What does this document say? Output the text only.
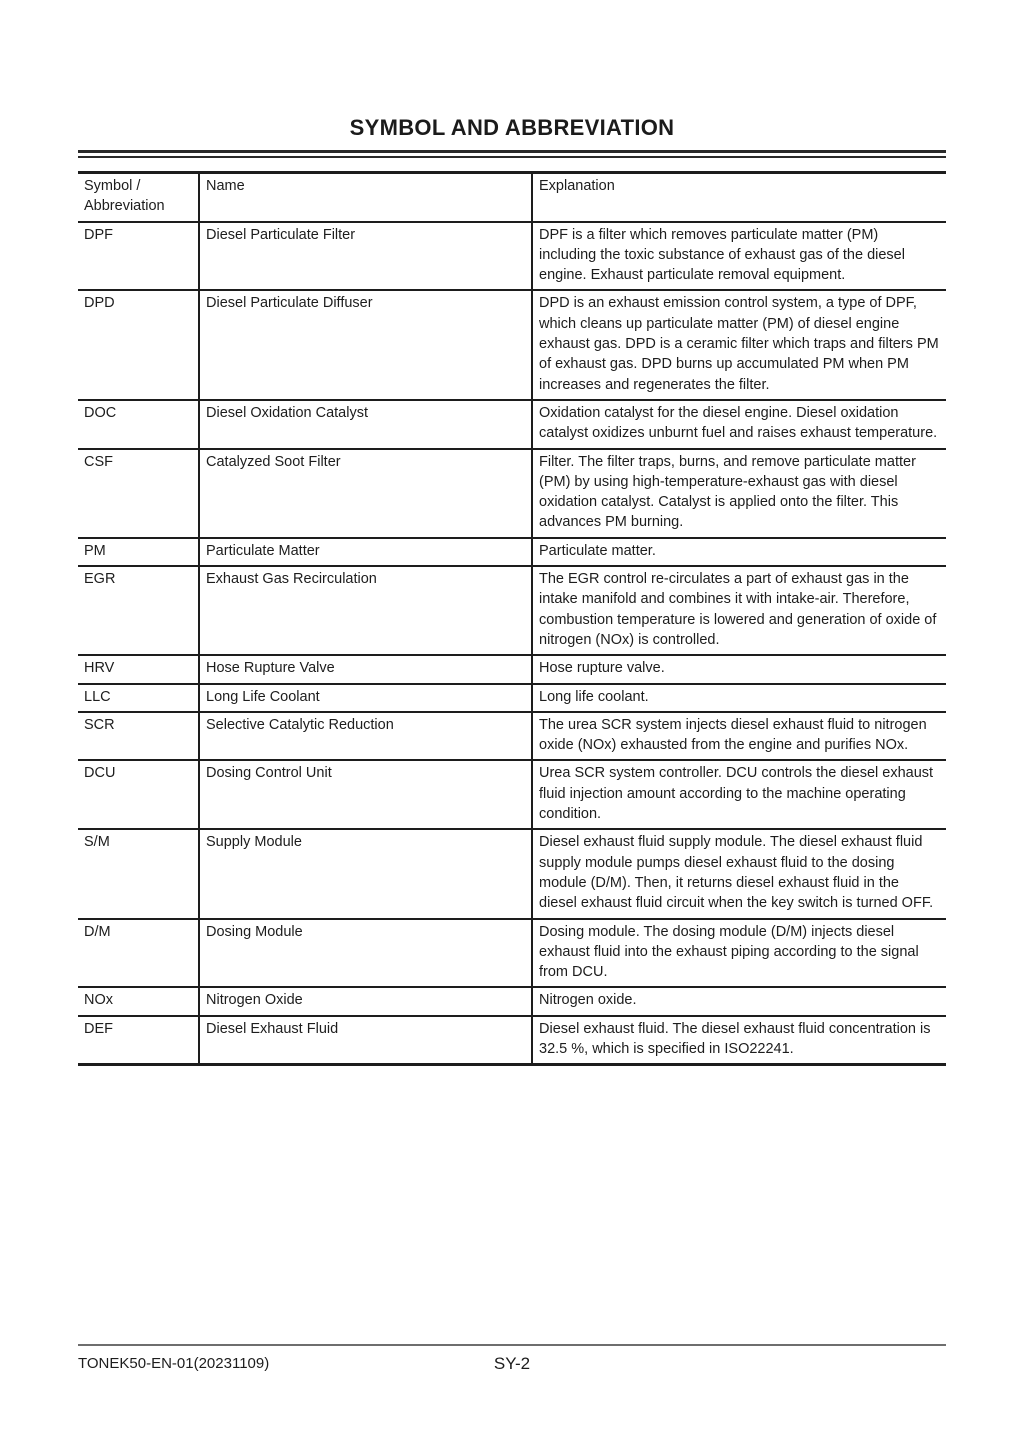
SYMBOL AND ABBREVIATION
Symbol / Abbreviation	Name	Explanation
DPF	Diesel Particulate Filter	DPF is a filter which removes particulate matter (PM) including the toxic substance of exhaust gas of the diesel engine. Exhaust particulate removal equipment.
DPD	Diesel Particulate Diffuser	DPD is an exhaust emission control system, a type of DPF, which cleans up particulate matter (PM) of diesel engine exhaust gas. DPD is a ceramic filter which traps and filters PM of exhaust gas. DPD burns up accumulated PM when PM increases and regenerates the filter.
DOC	Diesel Oxidation Catalyst	Oxidation catalyst for the diesel engine. Diesel oxidation catalyst oxidizes unburnt fuel and raises exhaust temperature.
CSF	Catalyzed Soot Filter	Filter. The filter traps, burns, and remove particulate matter (PM) by using high-temperature-exhaust gas with diesel oxidation catalyst. Catalyst is applied onto the filter. This advances PM burning.
PM	Particulate Matter	Particulate matter.
EGR	Exhaust Gas Recirculation	The EGR control re-circulates a part of exhaust gas in the intake manifold and combines it with intake-air. Therefore, combustion temperature is lowered and generation of oxide of nitrogen (NOx) is controlled.
HRV	Hose Rupture Valve	Hose rupture valve.
LLC	Long Life Coolant	Long life coolant.
SCR	Selective Catalytic Reduction	The urea SCR system injects diesel exhaust fluid to nitrogen oxide (NOx) exhausted from the engine and purifies NOx.
DCU	Dosing Control Unit	Urea SCR system controller. DCU controls the diesel exhaust fluid injection amount according to the machine operating condition.
S/M	Supply Module	Diesel exhaust fluid supply module. The diesel exhaust fluid supply module pumps diesel exhaust fluid to the dosing module (D/M). Then, it returns diesel exhaust fluid in the diesel exhaust fluid circuit when the key switch is turned OFF.
D/M	Dosing Module	Dosing module. The dosing module (D/M) injects diesel exhaust fluid into the exhaust piping according to the signal from DCU.
NOx	Nitrogen Oxide	Nitrogen oxide.
DEF	Diesel Exhaust Fluid	Diesel exhaust fluid. The diesel exhaust fluid concentration is 32.5 %, which is specified in ISO22241.
TONEK50-EN-01(20231109)	SY-2
